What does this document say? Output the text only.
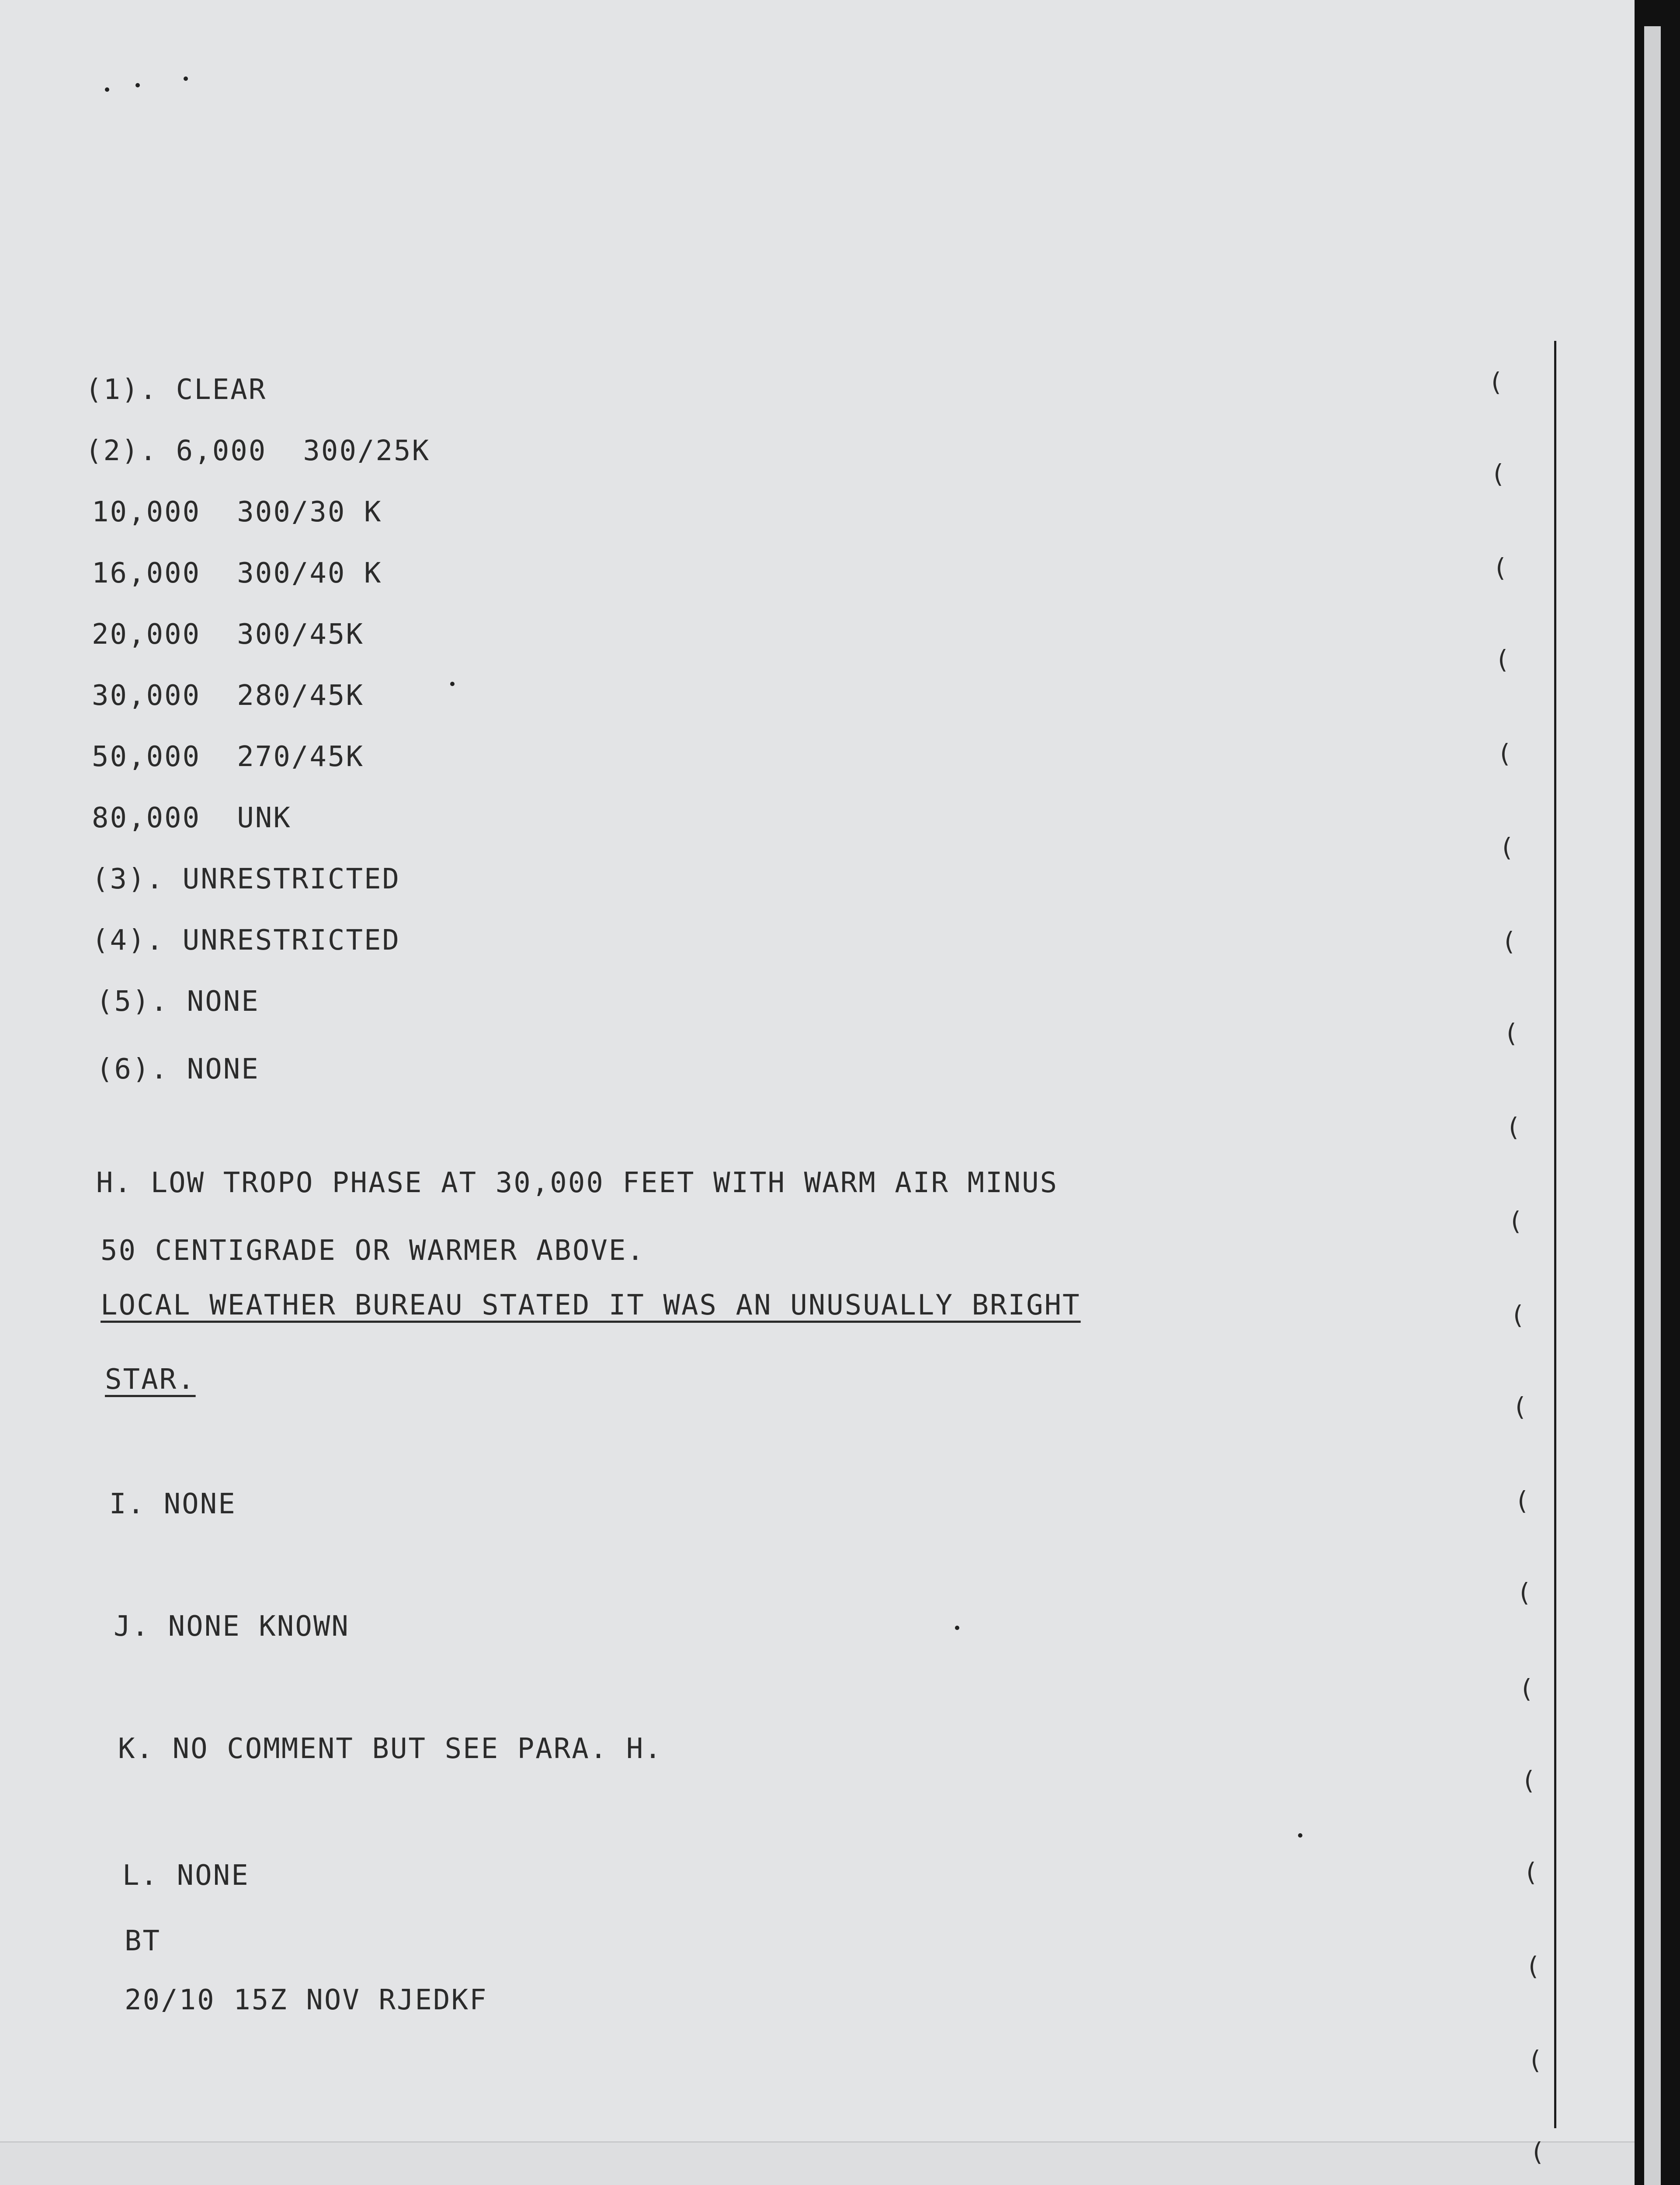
(1). CLEAR
(2). 6,000  300/25K
10,000  300/30 K
16,000  300/40 K
20,000  300/45K
30,000  280/45K
50,000  270/45K
80,000  UNK
(3). UNRESTRICTED
(4). UNRESTRICTED
(5). NONE
(6). NONE
H. LOW TROPO PHASE AT 30,000 FEET WITH WARM AIR MINUS
50 CENTIGRADE OR WARMER ABOVE.
LOCAL WEATHER BUREAU STATED IT WAS AN UNUSUALLY BRIGHT
STAR.
I. NONE
J. NONE KNOWN
K. NO COMMENT BUT SEE PARA. H.
L. NONE
BT
20/10 15Z NOV RJEDKF
(
(
(
(
(
(
(
(
(
(
(
(
(
(
(
(
(
(
(
(
